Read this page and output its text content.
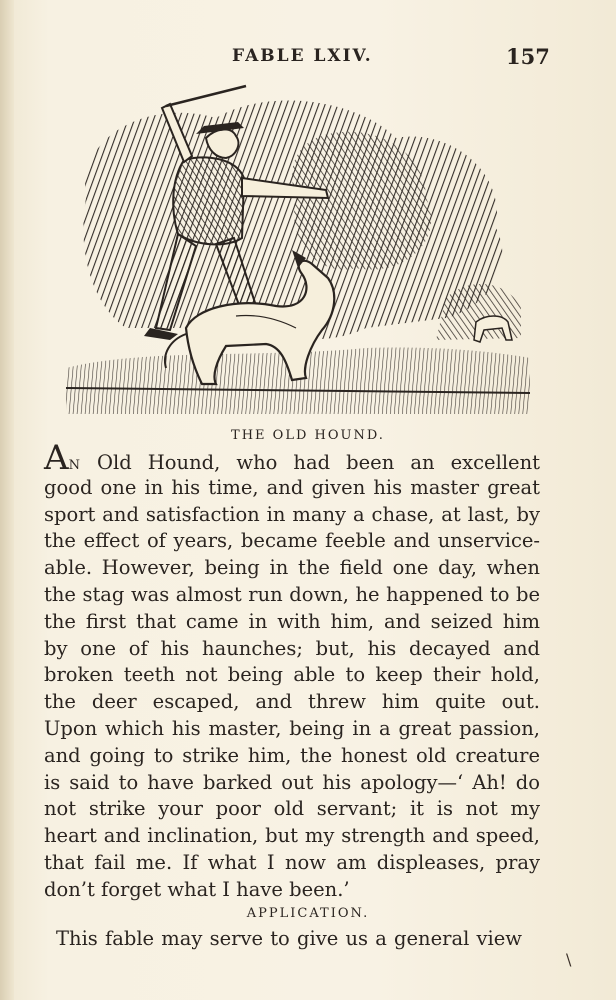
FABLE LXIV.	157
THE OLD HOUND.
AN Old Hound, who had been an excellent
good one in his time, and given his master great
sport and satisfaction in many a chase, at last, by
the effect of years, became feeble and unservice-
able. However, being in the field one day, when
the stag was almost run down, he happened to be
the first that came in with him, and seized him
by one of his haunches; but, his decayed and
broken teeth not being able to keep their hold,
the deer escaped, and threw him quite out.
Upon which his master, being in a great passion,
and going to strike him, the honest old creature
is said to have barked out his apology—‘ Ah! do
not strike your poor old servant; it is not my
heart and inclination, but my strength and speed,
that fail me. If what I now am displeases, pray
don’t forget what I have been.’
APPLICATION.
This fable may serve to give us a general view
\
